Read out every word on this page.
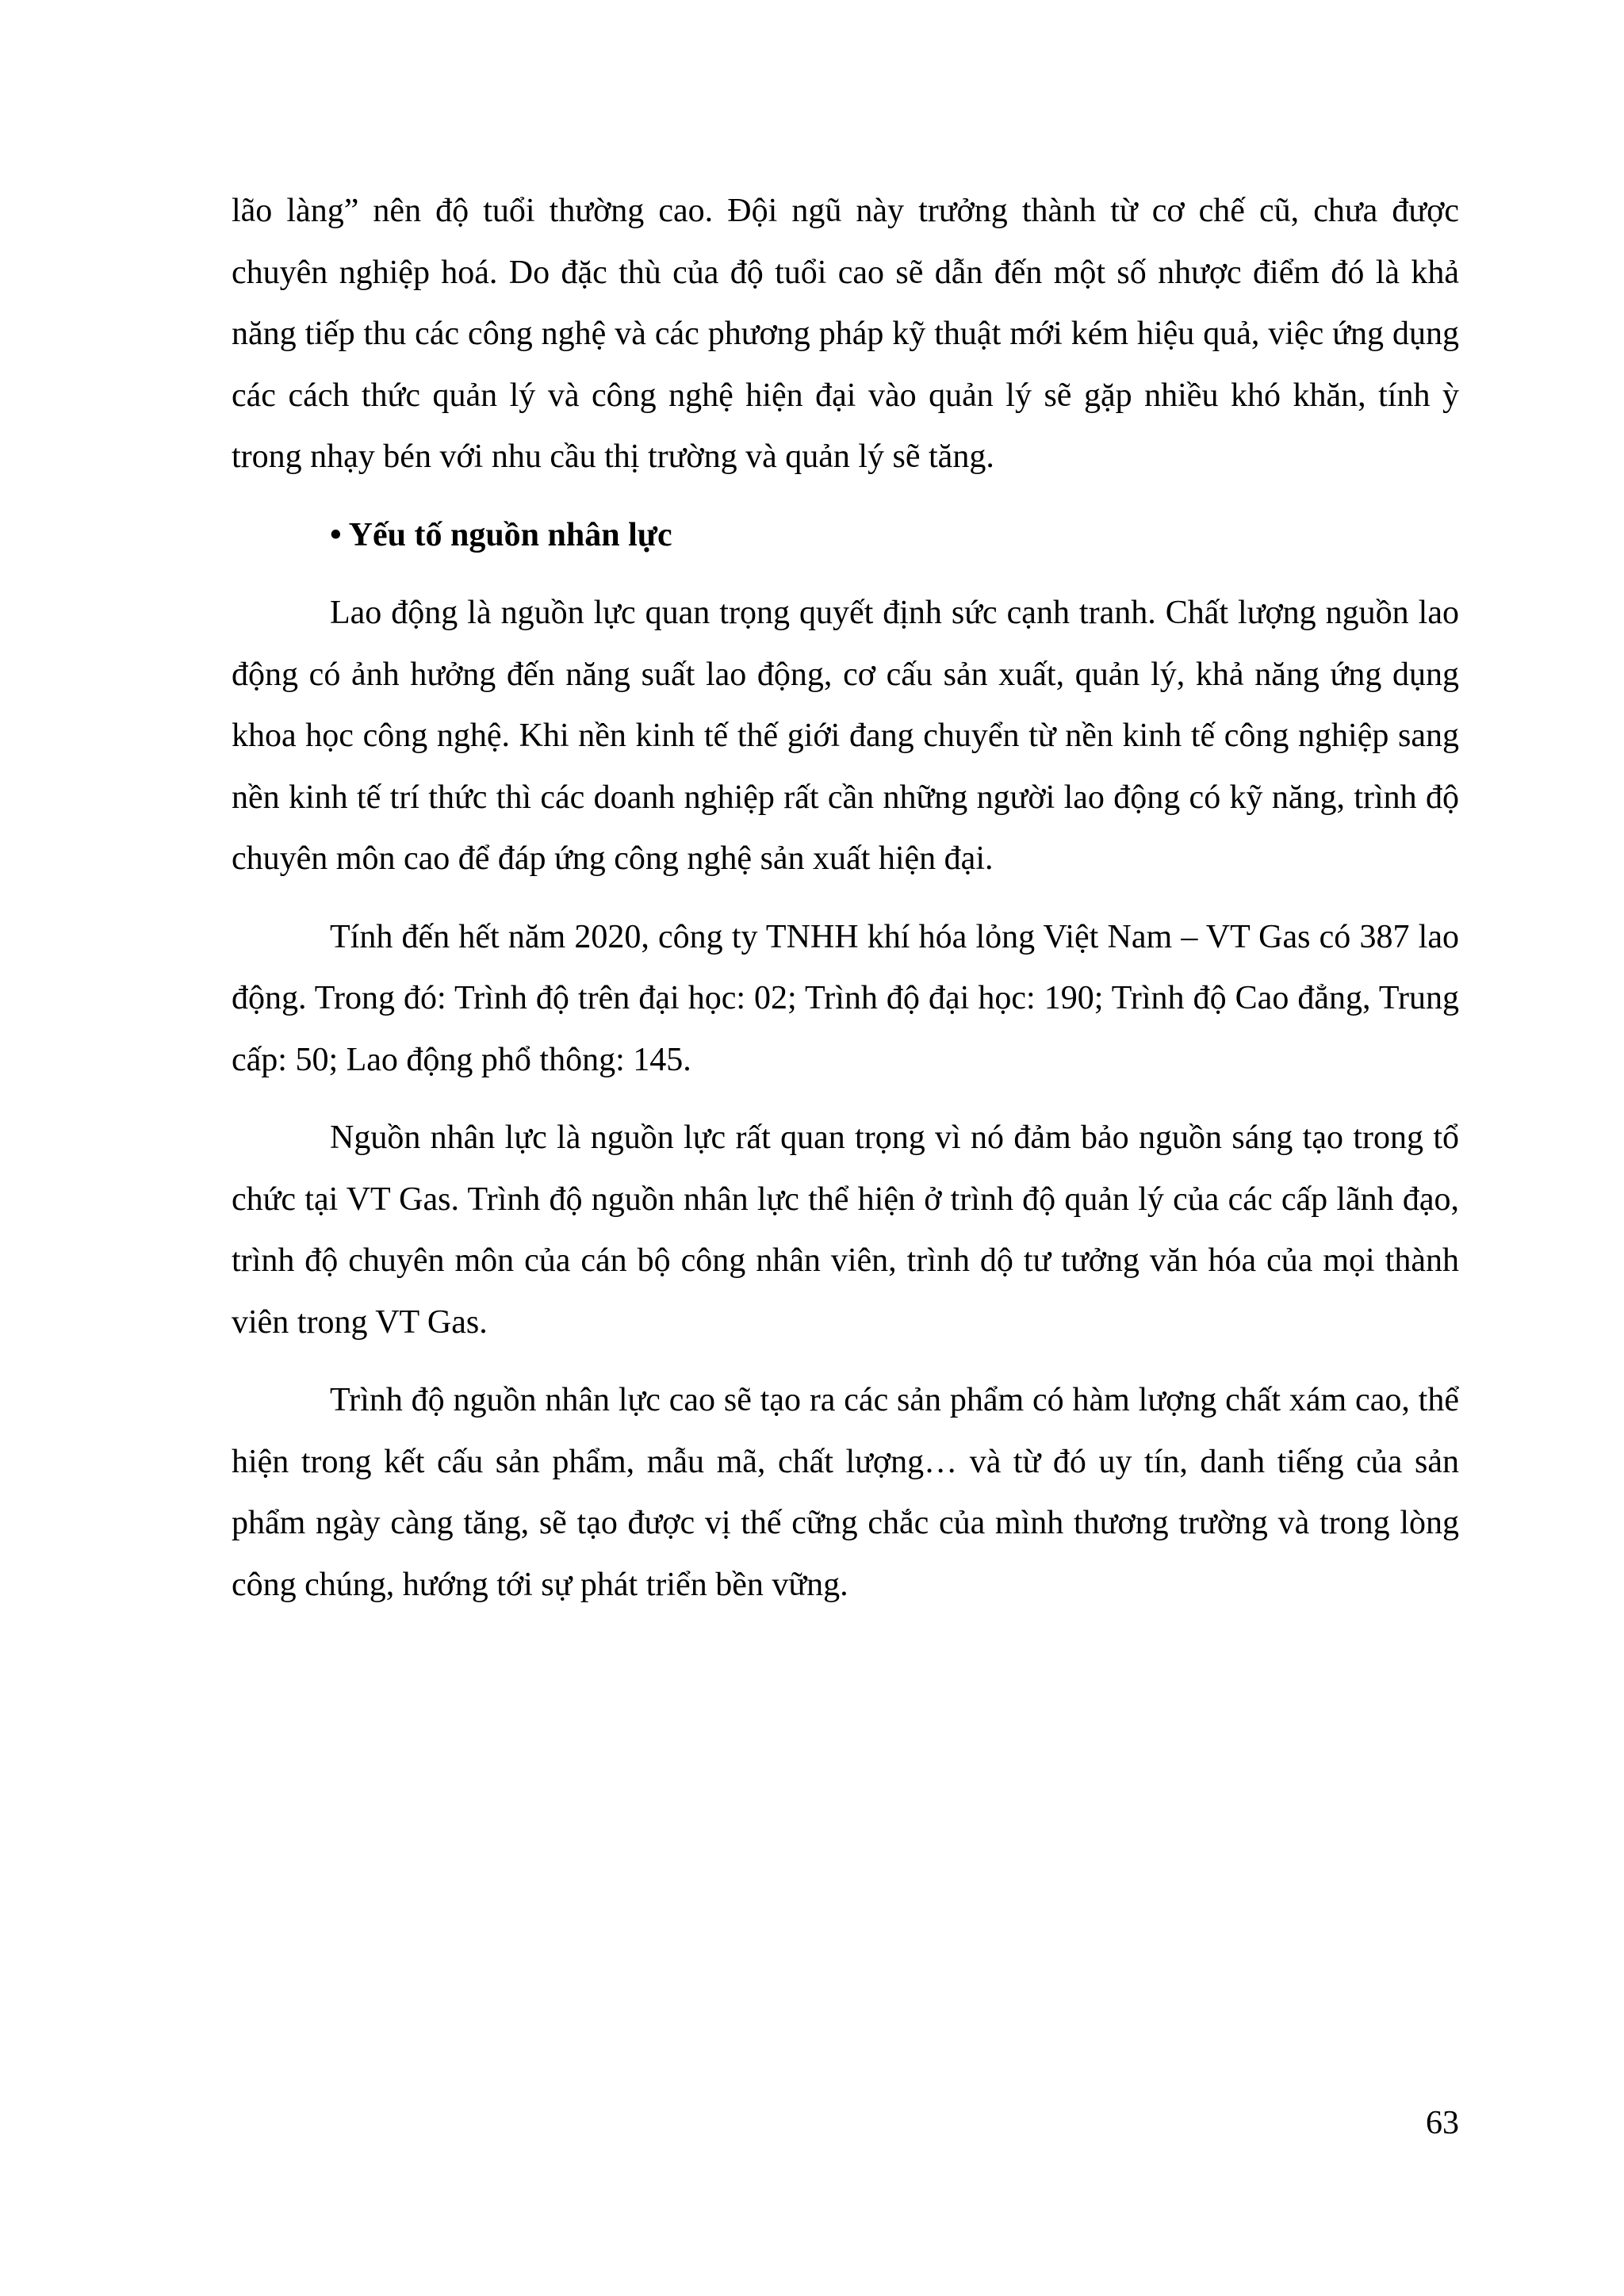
lão làng” nên độ tuổi thường cao. Đội ngũ này trưởng thành từ cơ chế cũ, chưa được chuyên nghiệp hoá. Do đặc thù của độ tuổi cao sẽ dẫn đến một số nhược điểm đó là khả năng tiếp thu các công nghệ và các phương pháp kỹ thuật mới kém hiệu quả, việc ứng dụng các cách thức quản lý và công nghệ hiện đại vào quản lý sẽ gặp nhiều khó khăn, tính ỳ trong nhạy bén với nhu cầu thị trường và quản lý sẽ tăng.

• Yếu tố nguồn nhân lực

Lao động là nguồn lực quan trọng quyết định sức cạnh tranh. Chất lượng nguồn lao động có ảnh hưởng đến năng suất lao động, cơ cấu sản xuất, quản lý, khả năng ứng dụng khoa học công nghệ. Khi nền kinh tế thế giới đang chuyển từ nền kinh tế công nghiệp sang nền kinh tế trí thức thì các doanh nghiệp rất cần những người lao động có kỹ năng, trình độ chuyên môn cao để đáp ứng công nghệ sản xuất hiện đại.

Tính đến hết năm 2020, công ty TNHH khí hóa lỏng Việt Nam – VT Gas có 387 lao động. Trong đó: Trình độ trên đại học: 02; Trình độ đại học: 190; Trình độ Cao đẳng, Trung cấp: 50; Lao động phổ thông: 145.

Nguồn nhân lực là nguồn lực rất quan trọng vì nó đảm bảo nguồn sáng tạo trong tổ chức tại VT Gas. Trình độ nguồn nhân lực thể hiện ở trình độ quản lý của các cấp lãnh đạo, trình độ chuyên môn của cán bộ công nhân viên, trình dộ tư tưởng văn hóa của mọi thành viên trong VT Gas.

Trình độ nguồn nhân lực cao sẽ tạo ra các sản phẩm có hàm lượng chất xám cao, thể hiện trong kết cấu sản phẩm, mẫu mã, chất lượng… và từ đó uy tín, danh tiếng của sản phẩm ngày càng tăng, sẽ tạo được vị thế cững chắc của mình thương trường và trong lòng công chúng, hướng tới sự phát triển bền vững.

63
